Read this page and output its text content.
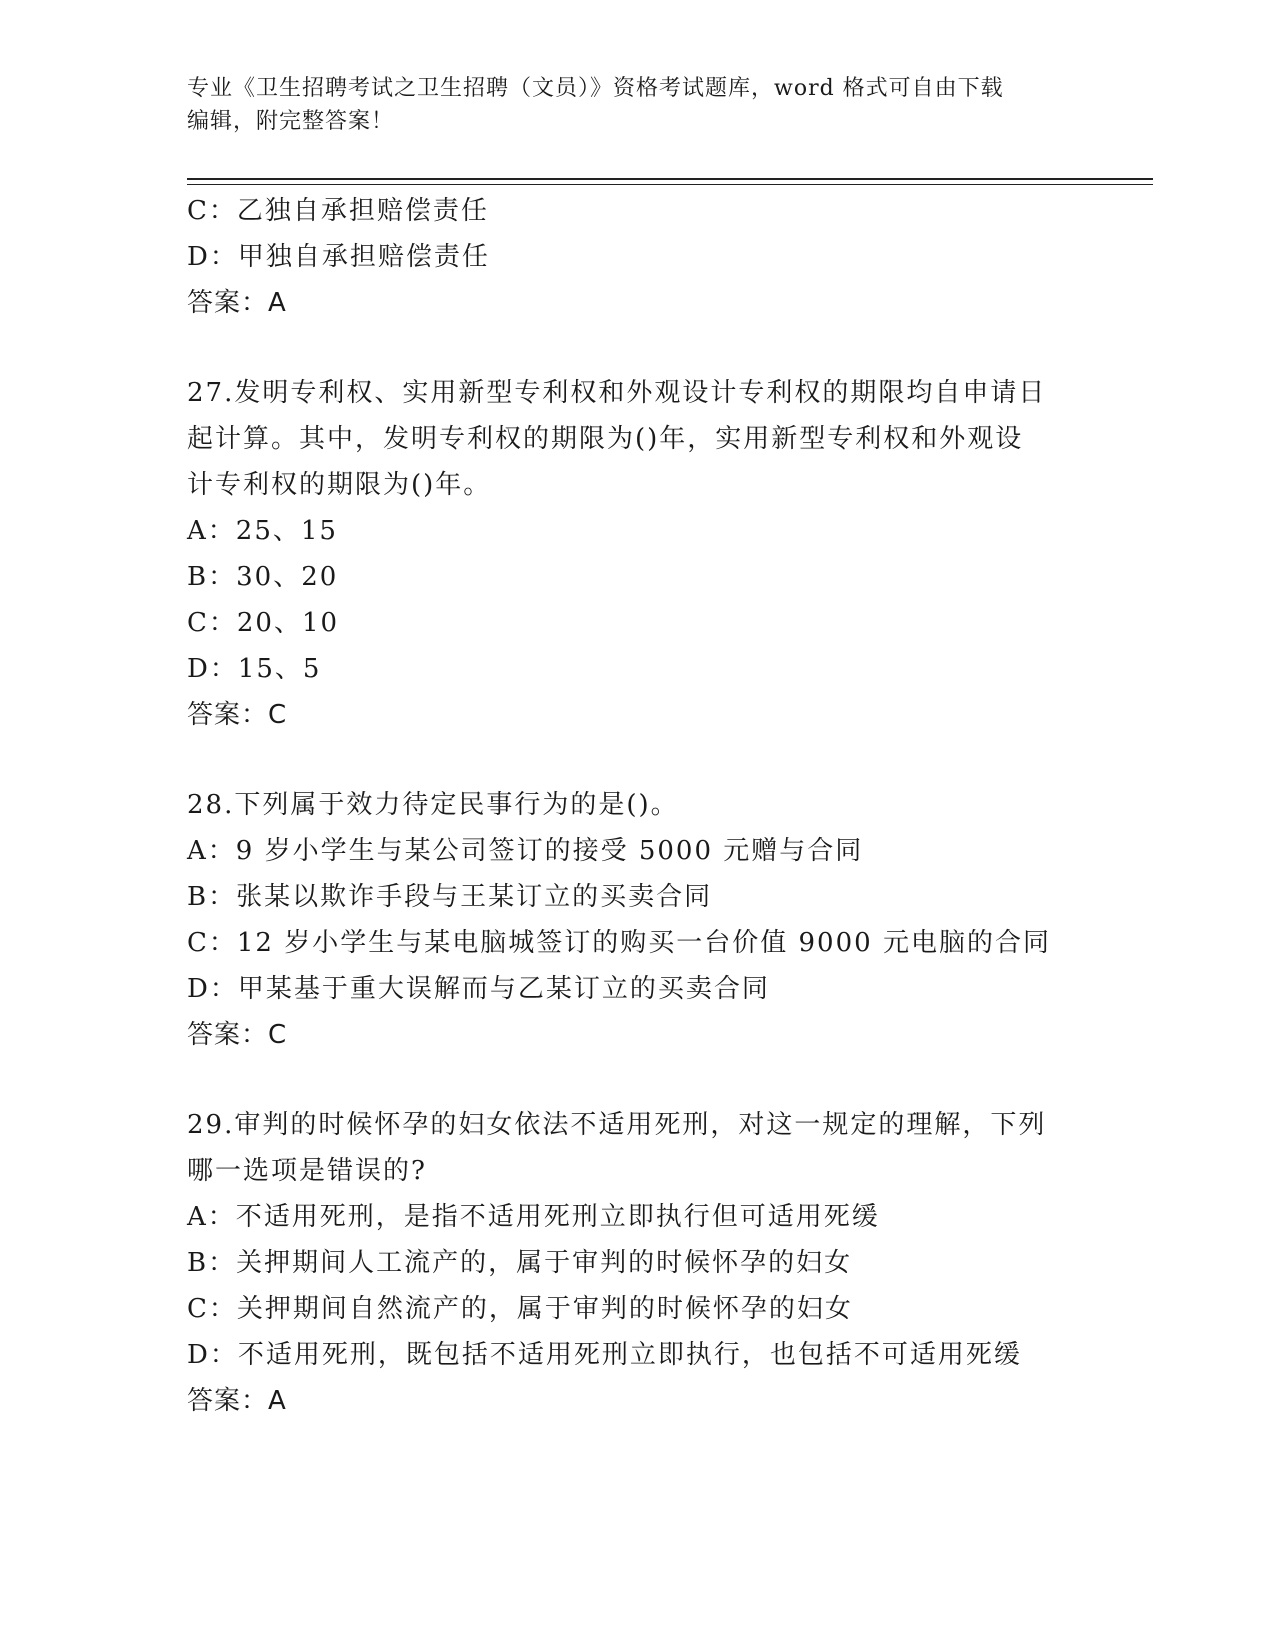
专业《卫生招聘考试之卫生招聘（文员）》资格考试题库，word 格式可自由下载
编辑，附完整答案！
C：乙独自承担赔偿责任
D：甲独自承担赔偿责任
答案：A
27.发明专利权、实用新型专利权和外观设计专利权的期限均自申请日
起计算。其中，发明专利权的期限为()年，实用新型专利权和外观设
计专利权的期限为()年。
A：25、15
B：30、20
C：20、10
D：15、5
答案：C
28.下列属于效力待定民事行为的是()。
A：9 岁小学生与某公司签订的接受 5000 元赠与合同
B：张某以欺诈手段与王某订立的买卖合同
C：12 岁小学生与某电脑城签订的购买一台价值 9000 元电脑的合同
D：甲某基于重大误解而与乙某订立的买卖合同
答案：C
29.审判的时候怀孕的妇女依法不适用死刑，对这一规定的理解，下列
哪一选项是错误的?
A：不适用死刑，是指不适用死刑立即执行但可适用死缓
B：关押期间人工流产的，属于审判的时候怀孕的妇女
C：关押期间自然流产的，属于审判的时候怀孕的妇女
D：不适用死刑，既包括不适用死刑立即执行，也包括不可适用死缓
答案：A
